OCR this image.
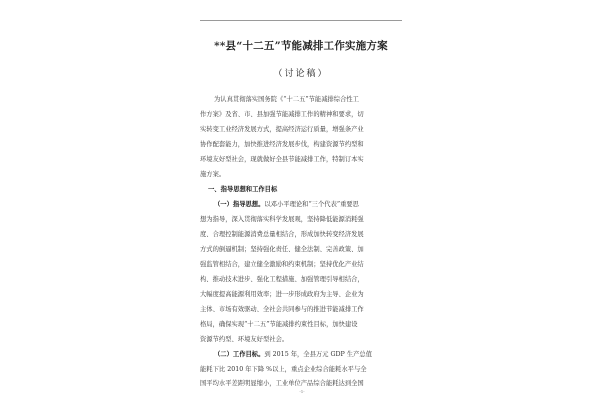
**县“十二五”节能减排工作实施方案
（讨论稿）
为认真贯彻落实国务院《“十二五”节能减排综合性工
作方案》及省、市、县加强节能减排工作的精神和要求，切
实转变工业经济发展方式，提高经济运行质量，增强条产业
协作配套能力，加快推进经济发展步伐，构建资源节约型和
环境友好型社会，现就做好全县节能减排工作，特制订本实
施方案。
一、指导思想和工作目标
（一）指导思想。以邓小平理论和“三个代表”重要思
想为指导，深入贯彻落实科学发展观，坚持降低能源消耗强
度、合理控制能源消费总量相结合，形成加快转变经济发展
方式的倒逼机制；坚持强化责任、健全法制、完善政策、加
强监管相结合，建立健全激励和约束机制；坚持优化产业结
构、推动技术进步、强化工程措施、加强管理引导相结合，
大幅度提高能源利用效率；进一步形成政府为主导、企业为
主体、市场有效驱动、全社会共同参与的推进节能减排工作
格局，确保实现“十二五”节能减排约束性目标，加快建设
资源节约型、环境友好型社会。
（二）工作目标。到 2015 年，全县万元 GDP 生产总值
能耗下比 2010 年下降 %以上，重点企业综合能耗水平与全
国平均水平差距明显缩小，工业单位产品综合能耗达到全国
-1-
